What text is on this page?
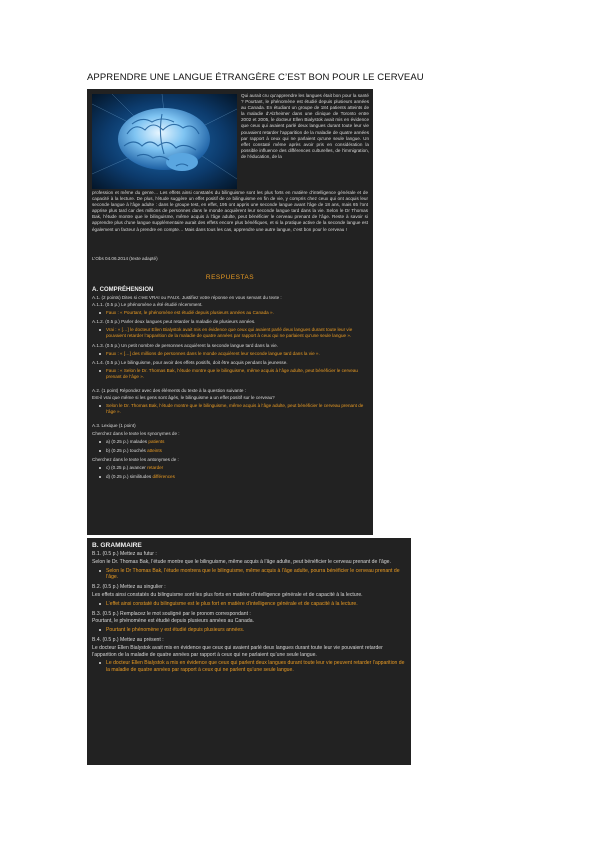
APPRENDRE UNE LANGUE ÉTRANGÈRE C’EST BON POUR LE CERVEAU
Qui aurait cru qu’apprendre les langues était bon pour la santé ? Pourtant, le phénomène est étudié depuis plusieurs années au Canada. En étudiant un groupe de 184 patients atteints de la maladie d’Alzheimer dans une clinique de Toronto entre 2002 et 2005, le docteur Ellen Bialystok avait mis en évidence que ceux qui avaient parlé deux langues durant toute leur vie pouvaient retarder l’apparition de la maladie de quatre années par rapport à ceux qui ne parlaient qu’une seule langue. Un effet constaté même après avoir pris en considération la possible influence des différences culturelles, de l’immigration, de l’éducation, de la
profession et même du genre… Les effets ainsi constatés du bilinguisme sont les plus forts en matière d’intelligence générale et de capacité à la lecture. De plus, l’étude suggère un effet positif de ce bilinguisme en fin de vie, y compris chez ceux qui ont acquis leur seconde langue à l’âge adulte : dans le groupe test, en effet, 195 ont appris une seconde langue avant l’âge de 18 ans, mais 65 l’ont apprise plus tard car des millions de personnes dans le monde acquièrent leur seconde langue tard dans la vie. Selon le Dr Thomas Bak, l’étude montre que le bilinguisme, même acquis à l’âge adulte, peut bénéficier le cerveau prenant de l’âge. Reste à savoir si apprendre plus d’une langue supplémentaire aurait des effets encore plus bénéfiques, et si la pratique active de la seconde langue est également un facteur à prendre en compte… Mais dans tous les cas, apprendre une autre langue, c’est bon pour le cerveau !
L’Obs 04.06.2014 (texte adapté)
RESPUESTAS
A. COMPRÉHENSION
A.1. (2 points) Dites si c’est VRAI ou FAUX. Justifiez votre réponse en vous servant du texte :
A.1.1. (0.5 p.) Le phénomène a été étudié récemment.
Faux : « Pourtant, le phénomène est étudié depuis plusieurs années au Canada ».
A.1.2. (0.5 p.) Parler deux langues peut retarder la maladie de plusieurs années.
Vrai : « […] le docteur Ellen Bialystok avait mis en évidence que ceux qui avaient parlé deux langues durant toute leur vie pouvaient retarder l’apparition de la maladie de quatre années par rapport à ceux qui ne parlaient qu’une seule langue ».
A.1.3. (0.5 p.) Un petit nombre de personnes acquièrent la seconde langue tard dans la vie.
Faux : « […] des millions de personnes dans le monde acquièrent leur seconde langue tard dans la vie ».
A.1.4. (0.5 p.) Le bilinguisme, pour avoir des effets positifs, doit être acquis pendant la jeunesse.
Faux : « Selon le Dr. Thomas Bak, l’étude montre que le bilinguisme, même acquis à l’âge adulte, peut bénéficier le cerveau prenant de l’âge ».
A.2. (1 point) Répondez avec des éléments du texte à la question suivante :
Est-il vrai que même si les gens sont âgés, le bilinguisme a un effet positif sur le cerveau?
Selon le Dr. Thomas Bak, l’étude montre que le bilinguisme, même acquis à l’âge adulte, peut bénéficier le cerveau prenant de l’âge ».
A.3. Lexique (1 point)
Cherchez dans le texte les synonymes de :
a) (0.25 p.) malades patients
b) (0.25 p.) touchés atteints
Cherchez dans le texte les antonymes de :
c) (0.25 p.) avancer retarder
d) (0.25 p.) similitudes différences
B. GRAMMAIRE
B.1. (0.5 p.) Mettez au futur :
Selon le Dr. Thomas Bak, l’étude montre que le bilinguisme, même acquis à l’âge adulte, peut bénéficier le cerveau prenant de l’âge.
Selon le Dr Thomas Bak, l’étude montrera que le bilinguisme, même acquis à l’âge adulte, pourra bénéficier le cerveau prenant de l’âge.
B.2. (0.5 p.) Mettez au singulier :
Les effets ainsi constatés du bilinguisme sont les plus forts en matière d’intelligence générale et de capacité à la lecture.
L’effet ainsi constaté du bilinguisme est le plus fort en matière d’intelligence générale et de capacité à la lecture.
B.3. (0.5 p.) Remplacez le mot souligné par le pronom correspondant :
Pourtant, le phénomène est étudié depuis plusieurs années au Canada.
Pourtant le phénomène y est étudié depuis plusieurs années.
B.4. (0.5 p.) Mettez au présent :
Le docteur Ellen Bialystok avait mis en évidence que ceux qui avaient parlé deux langues durant toute leur vie pouvaient retarder l’apparition de la maladie de quatre années par rapport à ceux qui ne parlaient qu’une seule langue.
Le docteur Ellen Bialystok a mis en évidence que ceux qui parlent deux langues durant toute leur vie peuvent retarder l’apparition de la maladie de quatre années par rapport à ceux qui ne parlent qu’une seule langue.
